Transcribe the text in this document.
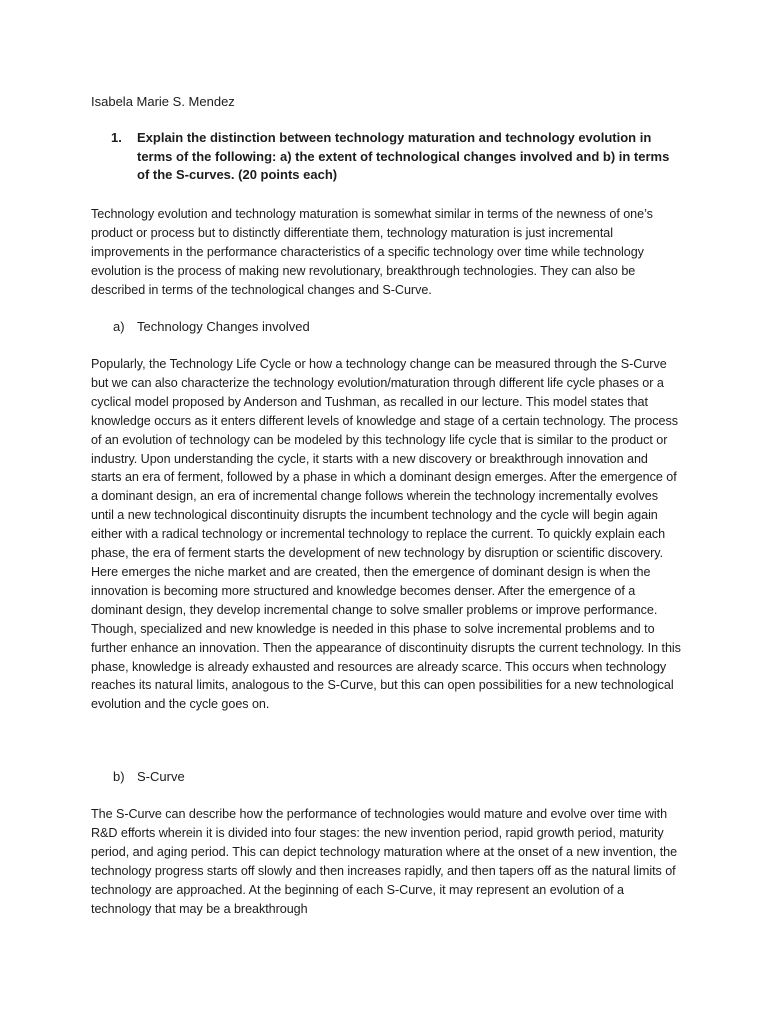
Isabela Marie S. Mendez

1.	Explain the distinction between technology maturation and technology evolution in terms of the following: a) the extent of technological changes involved and b) in terms of the S-curves. (20 points each)

Technology evolution and technology maturation is somewhat similar in terms of the newness of one’s product or process but to distinctly differentiate them, technology maturation is just incremental improvements in the performance characteristics of a specific technology over time while technology evolution is the process of making new revolutionary, breakthrough technologies. They can also be described in terms of the technological changes and S-Curve.

a) Technology Changes involved

Popularly, the Technology Life Cycle or how a technology change can be measured through the S-Curve but we can also characterize the technology evolution/maturation through different life cycle phases or a cyclical model proposed by Anderson and Tushman, as recalled in our lecture. This model states that knowledge occurs as it enters different levels of knowledge and stage of a certain technology. The process of an evolution of technology can be modeled by this technology life cycle that is similar to the product or industry. Upon understanding the cycle, it starts with a new discovery or breakthrough innovation and starts an era of ferment, followed by a phase in which a dominant design emerges. After the emergence of a dominant design, an era of incremental change follows wherein the technology incrementally evolves until a new technological discontinuity disrupts the incumbent technology and the cycle will begin again either with a radical technology or incremental technology to replace the current. To quickly explain each phase, the era of ferment starts the development of new technology by disruption or scientific discovery. Here emerges the niche market and are created, then the emergence of dominant design is when the innovation is becoming more structured and knowledge becomes denser. After the emergence of a dominant design, they develop incremental change to solve smaller problems or improve performance. Though, specialized and new knowledge is needed in this phase to solve incremental problems and to further enhance an innovation. Then the appearance of discontinuity disrupts the current technology. In this phase, knowledge is already exhausted and resources are already scarce. This occurs when technology reaches its natural limits, analogous to the S-Curve, but this can open possibilities for a new technological evolution and the cycle goes on.

b) S-Curve

The S-Curve can describe how the performance of technologies would mature and evolve over time with R&D efforts wherein it is divided into four stages: the new invention period, rapid growth period, maturity period, and aging period. This can depict technology maturation where at the onset of a new invention, the technology progress starts off slowly and then increases rapidly, and then tapers off as the natural limits of technology are approached. At the beginning of each S-Curve, it may represent an evolution of a technology that may be a breakthrough
